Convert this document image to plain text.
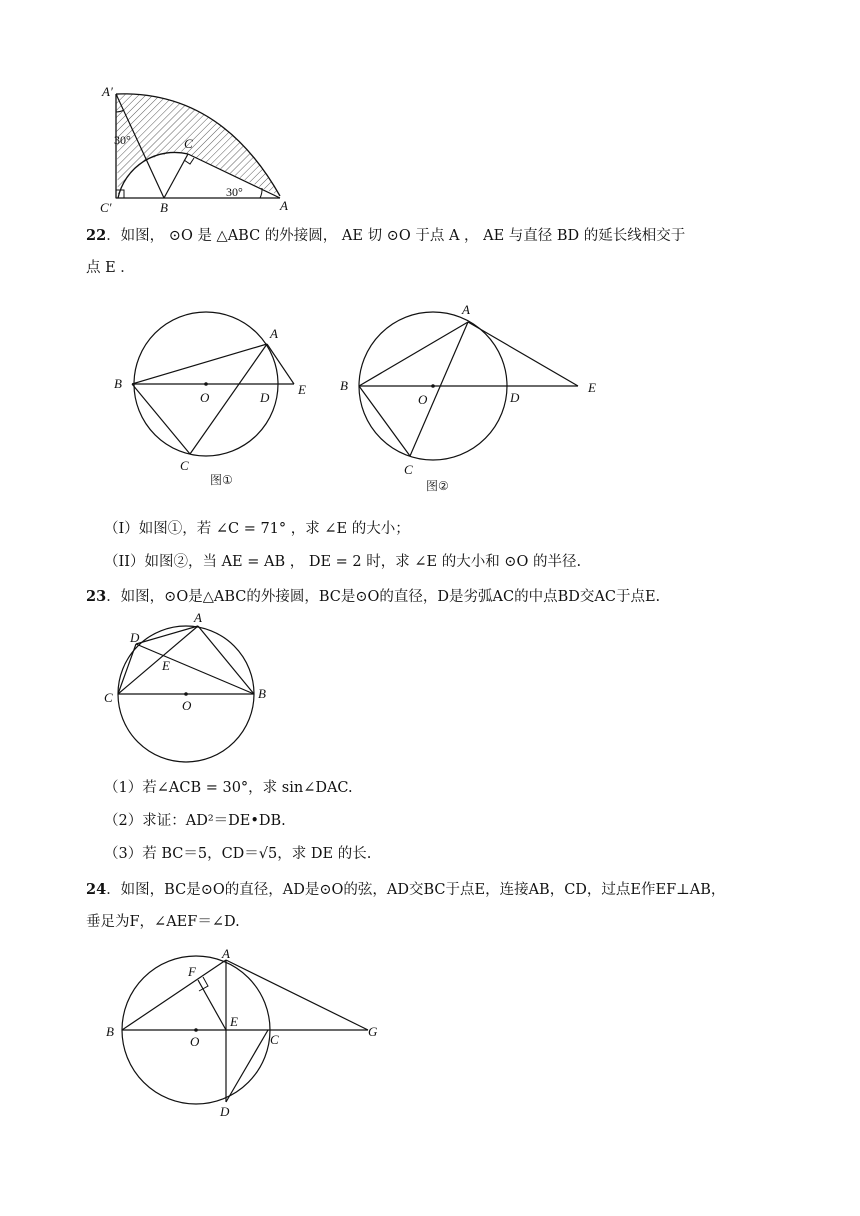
A′
30°	C
C′	B
30°
A
22．如图， ⊙O 是 △ABC 的外接圆， AE 切 ⊙O 于点 A ， AE 与直径 BD 的延长线相交于
点 E ．
A
B
O	D
E
C
图①
A
B
O	D
E
C
图②
（I）如图①，若 ∠C = 71° ，求 ∠E 的大小；
（II）如图②，当 AE = AB ， DE = 2 时，求 ∠E 的大小和 ⊙O 的半径.
23．如图，⊙O是△ABC的外接圆，BC是⊙O的直径，D是劣弧AC的中点BD交AC于点E.
A
D
E
C
O
B
（1）若∠ACB = 30°，求 sin∠DAC.
（2）求证：AD²＝DE•DB.
（3）若 BC＝5，CD＝√5，求 DE 的长.
24．如图，BC是⊙O的直径，AD是⊙O的弦，AD交BC于点E，连接AB，CD，过点E作EF⊥AB，
垂足为F，∠AEF＝∠D.
A
F
B
O
E
C
G
D
